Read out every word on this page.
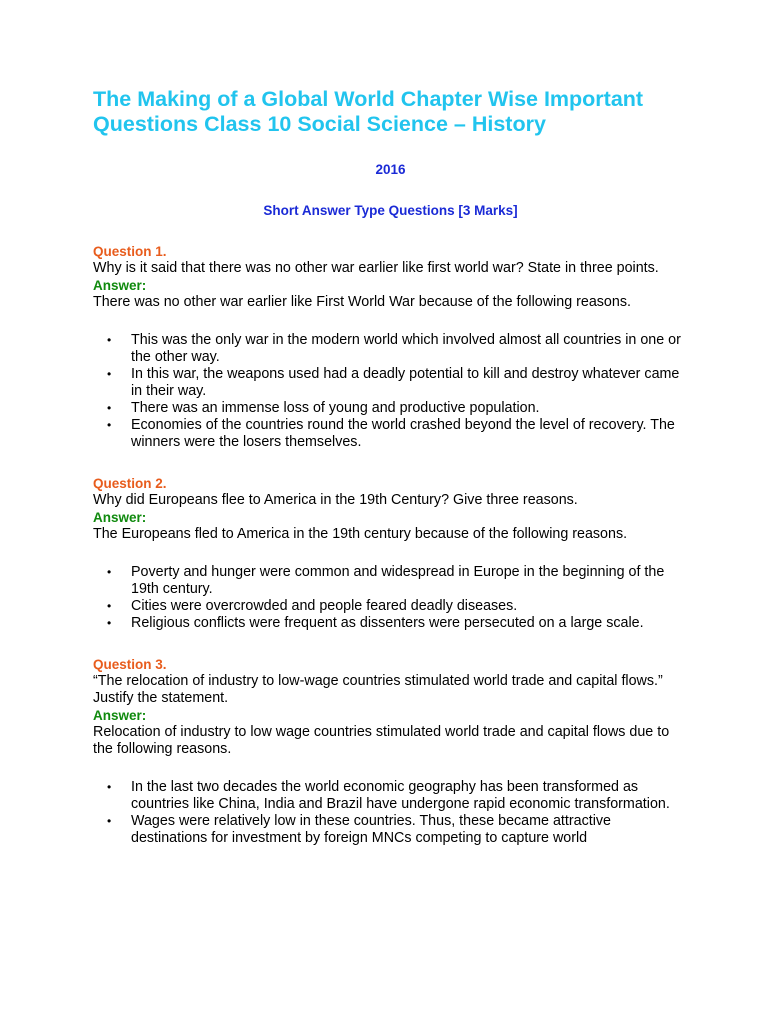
The Making of a Global World Chapter Wise Important Questions Class 10 Social Science – History
2016
Short Answer Type Questions [3 Marks]
Question 1.
Why is it said that there was no other war earlier like first world war? State in three points.
Answer:
There was no other war earlier like First World War because of the following reasons.
• This was the only war in the modern world which involved almost all countries in one or the other way.
• In this war, the weapons used had a deadly potential to kill and destroy whatever came in their way.
• There was an immense loss of young and productive population.
• Economies of the countries round the world crashed beyond the level of recovery. The winners were the losers themselves.
Question 2.
Why did Europeans flee to America in the 19th Century? Give three reasons.
Answer:
The Europeans fled to America in the 19th century because of the following reasons.
• Poverty and hunger were common and widespread in Europe in the beginning of the 19th century.
• Cities were overcrowded and people feared deadly diseases.
• Religious conflicts were frequent as dissenters were persecuted on a large scale.
Question 3.
“The relocation of industry to low-wage countries stimulated world trade and capital flows.” Justify the statement.
Answer:
Relocation of industry to low wage countries stimulated world trade and capital flows due to the following reasons.
• In the last two decades the world economic geography has been transformed as countries like China, India and Brazil have undergone rapid economic transformation.
• Wages were relatively low in these countries. Thus, these became attractive destinations for investment by foreign MNCs competing to capture world
